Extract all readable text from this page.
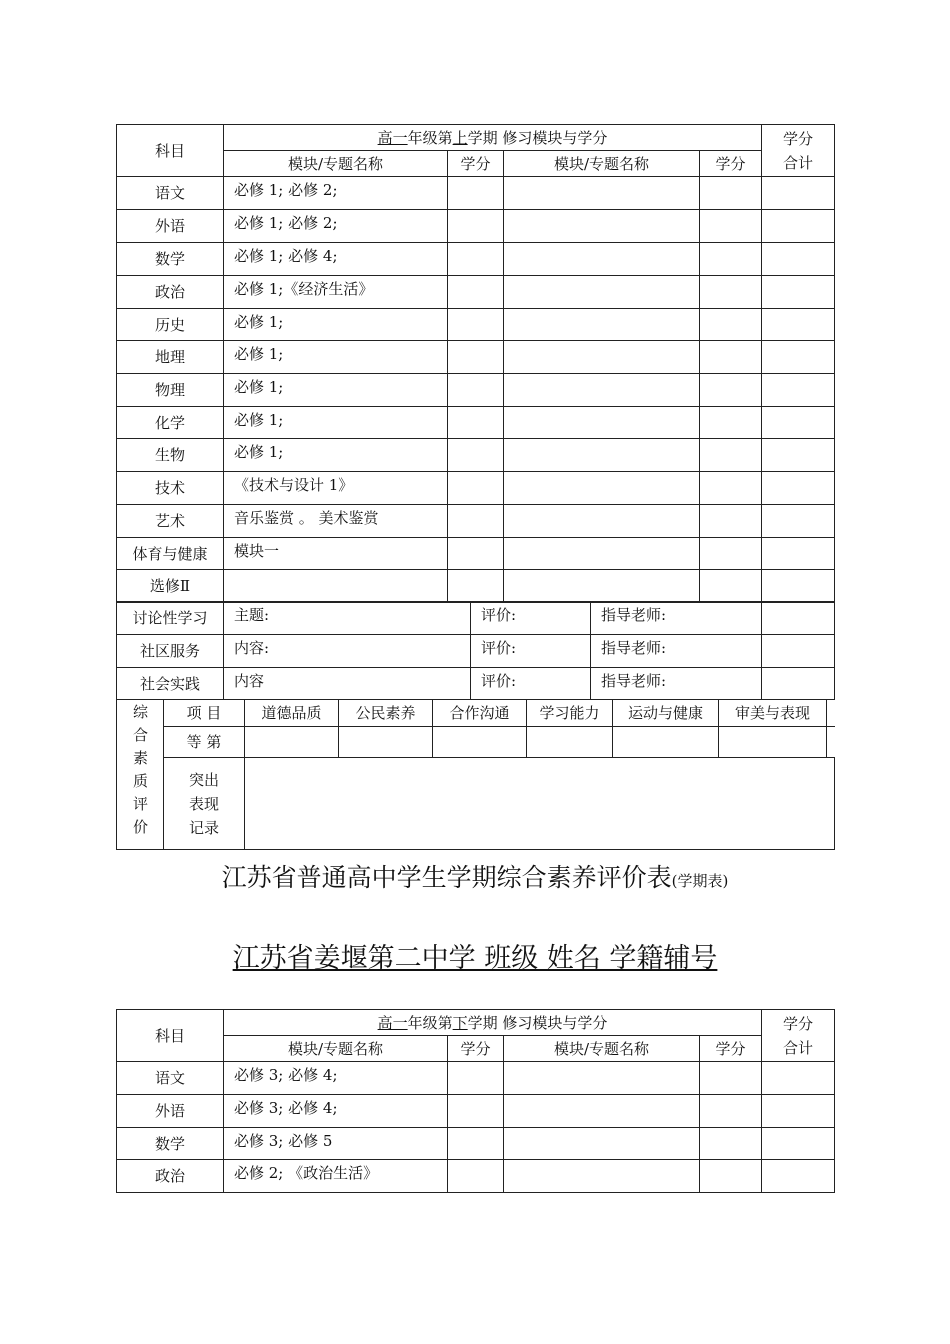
科目	高一年级第上学期 修习模块与学分				学分
合计

	模块/专题名称	学分	模块/专题名称	学分	
语文	必修 1; 必修 2;				
外语	必修 1; 必修 2;				
数学	必修 1; 必修 4;				
政治	必修 1;《经济生活》				
历史	必修 1;				
地理	必修 1;				
物理	必修 1;				
化学	必修 1;				
生物	必修 1;				
技术	《技术与设计 1》				
艺术	音乐鉴赏 。 美术鉴赏				
体育与健康	模块一				
选修Ⅱ					
讨论性学习	主题:	评价:	指导老师:	
社区服务	内容:	评价:	指导老师:	
社会实践	内容	评价:	指导老师:	
综合素质评价	项 目	道德品质	公民素养	合作沟通	学习能力	运动与健康	审美与表现	
	等 第							

	突出
表现
记录							

江苏省普通高中学生学期综合素养评价表(学期表)
江苏省姜堰第二中学 班级 姓名 学籍辅号
科目	高一年级第下学期 修习模块与学分				学分
合计

	模块/专题名称	学分	模块/专题名称	学分	
语文	必修 3; 必修 4;				
外语	必修 3; 必修 4;				
数学	必修 3; 必修 5				
政治	必修 2; 《政治生活》				
